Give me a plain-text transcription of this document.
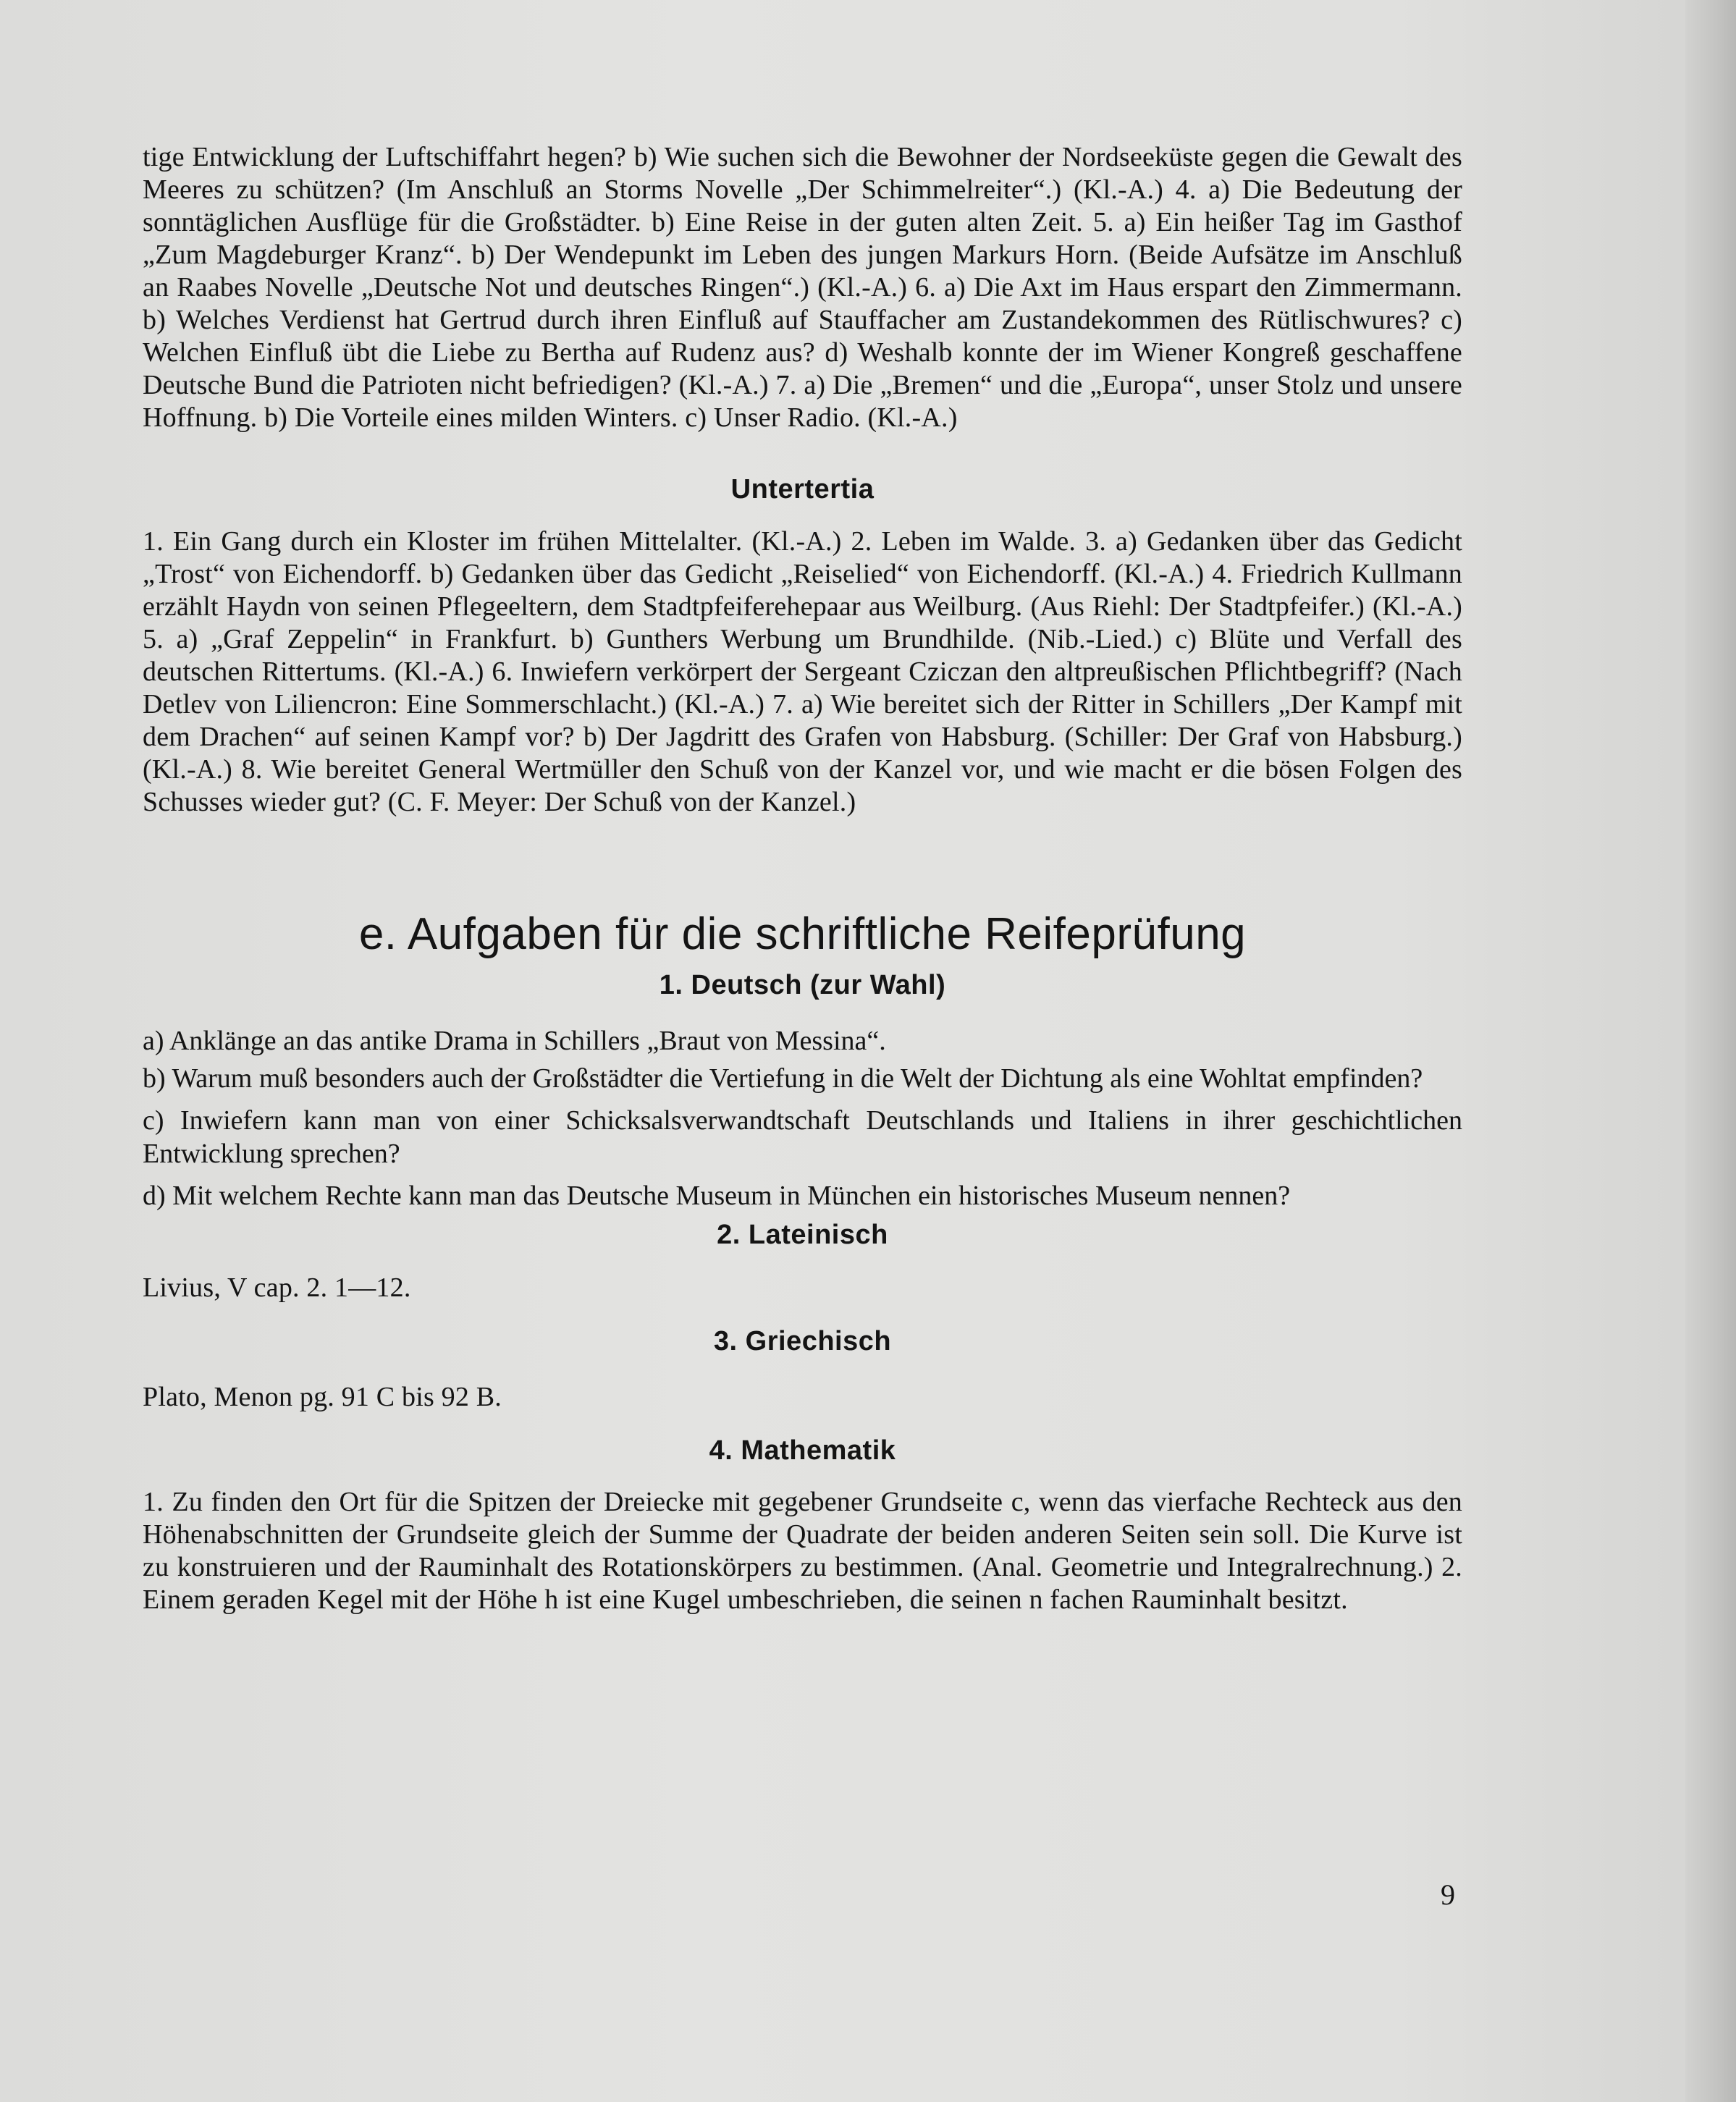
tige Entwicklung der Luftschiffahrt hegen? b) Wie suchen sich die Bewohner der Nordseeküste gegen die Gewalt des Meeres zu schützen? (Im Anschluß an Storms Novelle „Der Schimmelreiter“.) (Kl.-A.) 4. a) Die Bedeutung der sonntäglichen Ausflüge für die Großstädter. b) Eine Reise in der guten alten Zeit. 5. a) Ein heißer Tag im Gasthof „Zum Magdeburger Kranz“. b) Der Wendepunkt im Leben des jungen Markurs Horn. (Beide Aufsätze im Anschluß an Raabes Novelle „Deutsche Not und deutsches Ringen“.) (Kl.-A.) 6. a) Die Axt im Haus erspart den Zimmermann. b) Welches Verdienst hat Gertrud durch ihren Einfluß auf Stauffacher am Zustandekommen des Rütlischwures? c) Welchen Einfluß übt die Liebe zu Bertha auf Rudenz aus? d) Weshalb konnte der im Wiener Kongreß geschaffene Deutsche Bund die Patrioten nicht befriedigen? (Kl.-A.) 7. a) Die „Bremen“ und die „Europa“, unser Stolz und unsere Hoffnung. b) Die Vorteile eines milden Winters. c) Unser Radio. (Kl.-A.)

Untertertia

1. Ein Gang durch ein Kloster im frühen Mittelalter. (Kl.-A.) 2. Leben im Walde. 3. a) Gedanken über das Gedicht „Trost“ von Eichendorff. b) Gedanken über das Gedicht „Reiselied“ von Eichendorff. (Kl.-A.) 4. Friedrich Kullmann erzählt Haydn von seinen Pflegeeltern, dem Stadtpfeiferehepaar aus Weilburg. (Aus Riehl: Der Stadtpfeifer.) (Kl.-A.) 5. a) „Graf Zeppelin“ in Frankfurt. b) Gunthers Werbung um Brundhilde. (Nib.-Lied.) c) Blüte und Verfall des deutschen Rittertums. (Kl.-A.) 6. Inwiefern verkörpert der Sergeant Cziczan den altpreußischen Pflichtbegriff? (Nach Detlev von Liliencron: Eine Sommerschlacht.) (Kl.-A.) 7. a) Wie bereitet sich der Ritter in Schillers „Der Kampf mit dem Drachen“ auf seinen Kampf vor? b) Der Jagdritt des Grafen von Habsburg. (Schiller: Der Graf von Habsburg.) (Kl.-A.) 8. Wie bereitet General Wertmüller den Schuß von der Kanzel vor, und wie macht er die bösen Folgen des Schusses wieder gut? (C. F. Meyer: Der Schuß von der Kanzel.)

e. Aufgaben für die schriftliche Reifeprüfung
1. Deutsch (zur Wahl)

a) Anklänge an das antike Drama in Schillers „Braut von Messina“.

b) Warum muß besonders auch der Großstädter die Vertiefung in die Welt der Dichtung als eine Wohltat empfinden?

c) Inwiefern kann man von einer Schicksalsverwandtschaft Deutschlands und Italiens in ihrer geschichtlichen Entwicklung sprechen?

d) Mit welchem Rechte kann man das Deutsche Museum in München ein historisches Museum nennen?

2. Lateinisch

Livius, V cap. 2. 1—12.

3. Griechisch

Plato, Menon pg. 91 C bis 92 B.

4. Mathematik

1. Zu finden den Ort für die Spitzen der Dreiecke mit gegebener Grundseite c, wenn das vierfache Rechteck aus den Höhenabschnitten der Grundseite gleich der Summe der Quadrate der beiden anderen Seiten sein soll. Die Kurve ist zu konstruieren und der Rauminhalt des Rotationskörpers zu bestimmen. (Anal. Geometrie und Integralrechnung.) 2. Einem geraden Kegel mit der Höhe h ist eine Kugel umbeschrieben, die seinen n fachen Rauminhalt besitzt.

9
